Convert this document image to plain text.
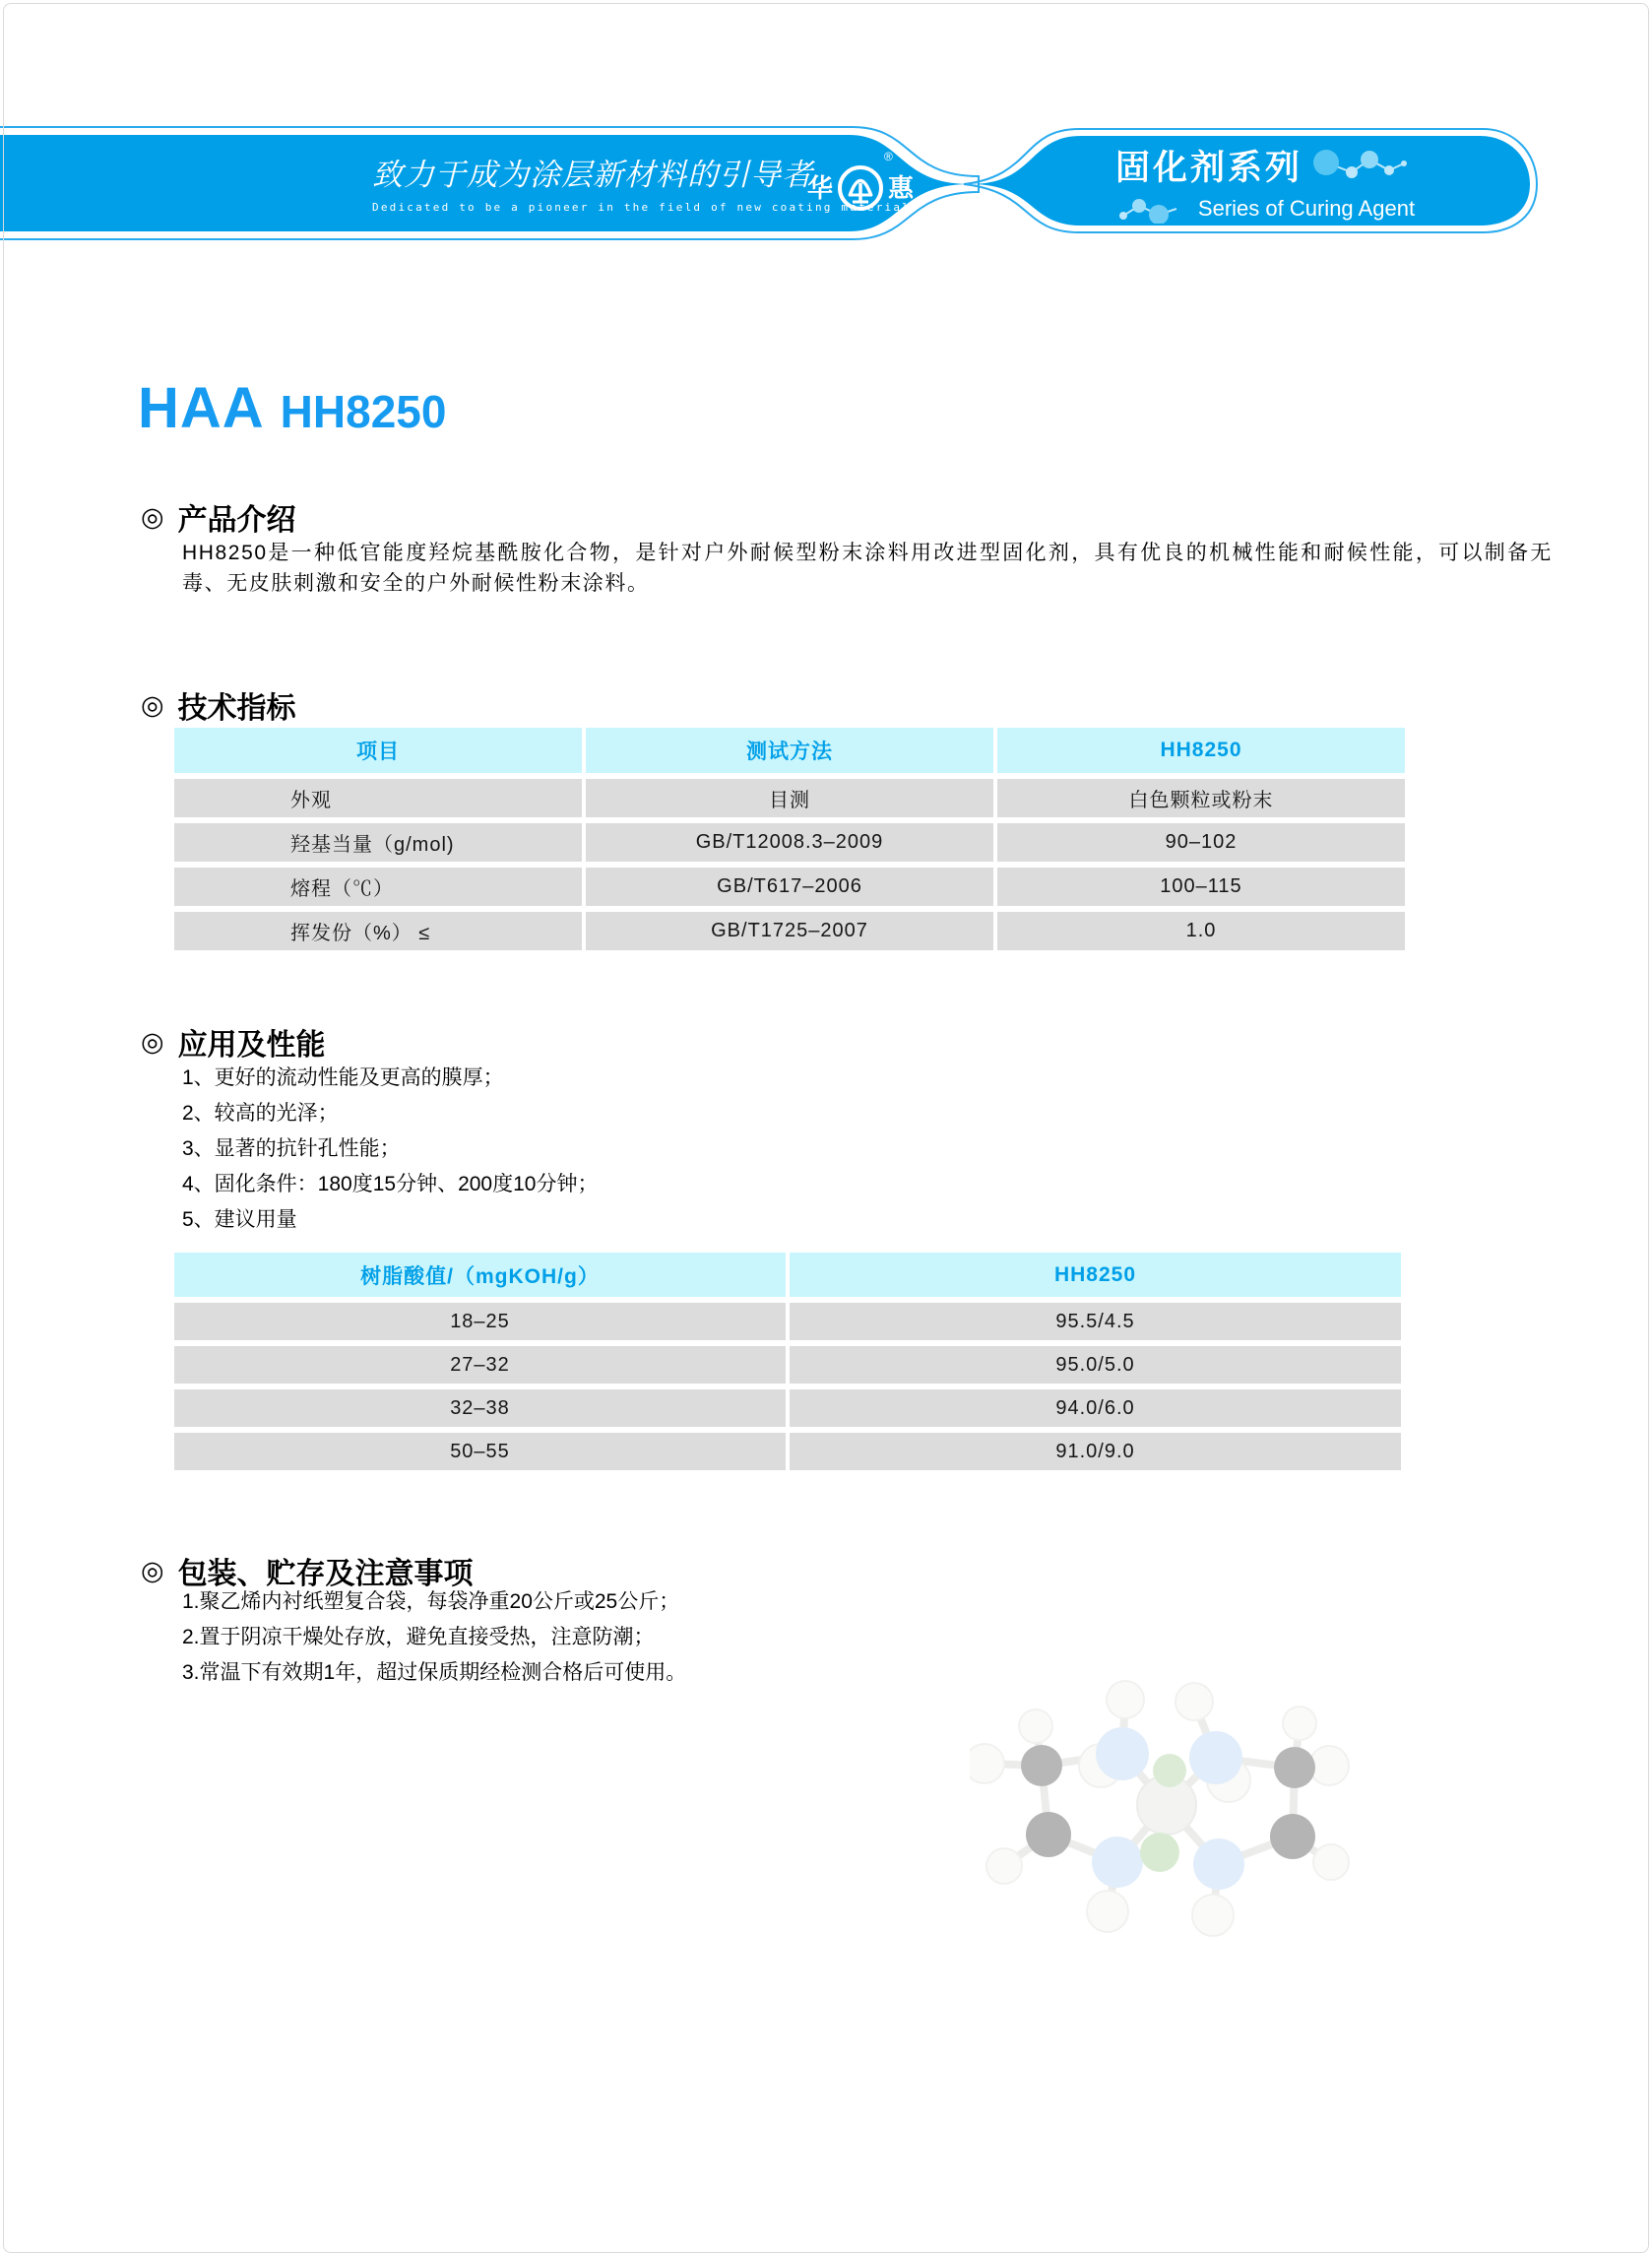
致力于成为涂层新材料的引导者
Dedicated to be a pioneer in the field of new coating materials.
华
®
惠
固化剂系列
Series of Curing Agent
HAA HH8250
◎ 产品介绍
HH8250是一种低官能度羟烷基酰胺化合物，是针对户外耐候型粉末涂料用改进型固化剂，具有优良的机械性能和耐候性能，可以制备无毒、无皮肤刺激和安全的户外耐候性粉末涂料。
◎ 技术指标
项目	测试方法	HH8250
外观	目测	白色颗粒或粉末
羟基当量（g/mol)	GB/T12008.3–2009	90–102
熔程（℃）	GB/T617–2006	100–115
挥发份（%） ≤	GB/T1725–2007	1.0
◎ 应用及性能
1、更好的流动性能及更高的膜厚；
2、较高的光泽；
3、显著的抗针孔性能；
4、固化条件：180度15分钟、200度10分钟；
5、建议用量
树脂酸值/（mgKOH/g）	HH8250
18–25	95.5/4.5
27–32	95.0/5.0
32–38	94.0/6.0
50–55	91.0/9.0
◎ 包装、贮存及注意事项
1.聚乙烯内衬纸塑复合袋，每袋净重20公斤或25公斤；
2.置于阴凉干燥处存放，避免直接受热，注意防潮；
3.常温下有效期1年，超过保质期经检测合格后可使用。
